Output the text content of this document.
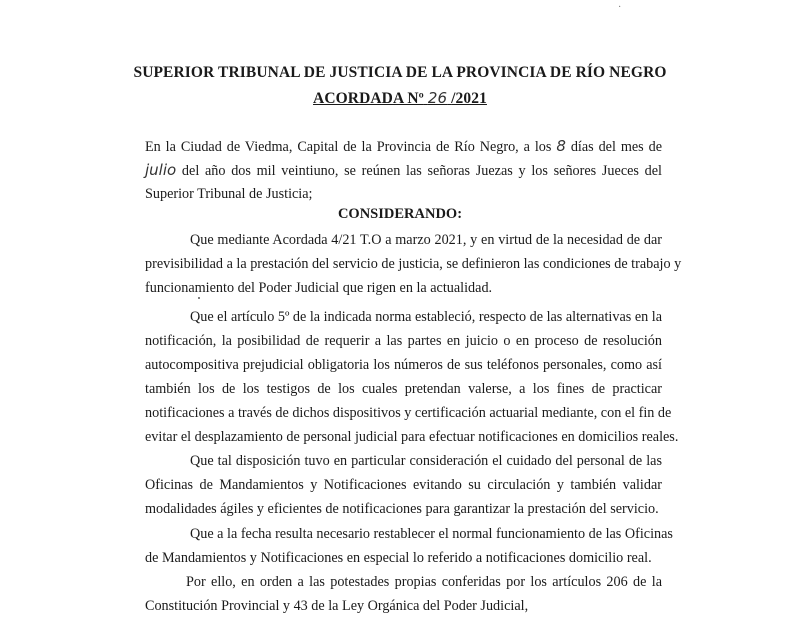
·
SUPERIOR TRIBUNAL DE JUSTICIA DE LA PROVINCIA DE RÍO NEGRO
ACORDADA Nº 26 /2021
En la Ciudad de Viedma, Capital de la Provincia de Río Negro, a los 8 días del mes de
julio del año dos mil veintiuno, se reúnen las señoras Juezas y los señores Jueces del
Superior Tribunal de Justicia;
CONSIDERANDO:
Que mediante Acordada 4/21 T.O a marzo 2021, y en virtud de la necesidad de dar
previsibilidad a la prestación del servicio de justicia, se definieron las condiciones de trabajo y
funcionamiento del Poder Judicial que rigen en la actualidad.
Que el artículo 5º de la indicada norma estableció, respecto de las alternativas en la
notificación, la posibilidad de requerir a las partes en juicio o en proceso de resolución
autocompositiva prejudicial obligatoria los números de sus teléfonos personales, como así
también los de los testigos de los cuales pretendan valerse, a los fines de practicar
notificaciones a través de dichos dispositivos y certificación actuarial mediante, con el fin de
evitar el desplazamiento de personal judicial para efectuar notificaciones en domicilios reales.
Que tal disposición tuvo en particular consideración el cuidado del personal de las
Oficinas de Mandamientos y Notificaciones evitando su circulación y también validar
modalidades ágiles y eficientes de notificaciones para garantizar la prestación del servicio.
Que a la fecha resulta necesario restablecer el normal funcionamiento de las Oficinas
de Mandamientos y Notificaciones en especial lo referido a notificaciones domicilio real.
Por ello, en orden a las potestades propias conferidas por los artículos 206 de la
Constitución Provincial y 43 de la Ley Orgánica del Poder Judicial,
